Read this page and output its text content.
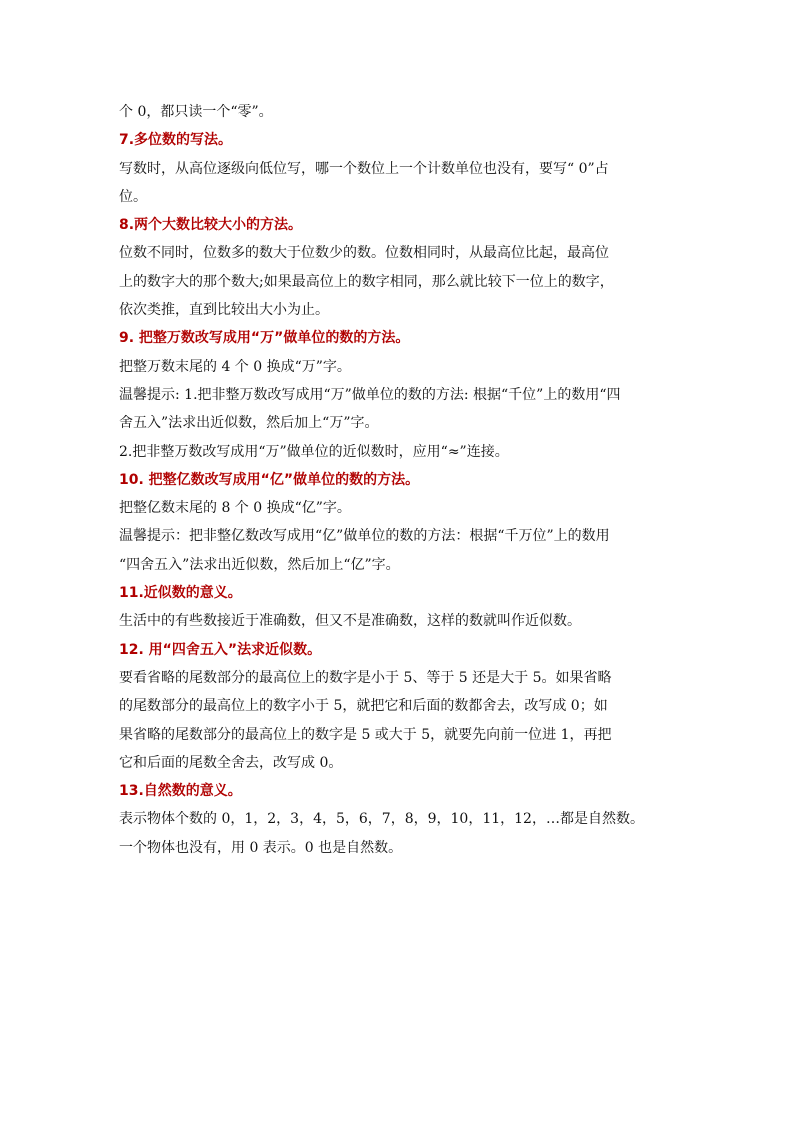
个 0，都只读一个“零”。
7.多位数的写法。
写数时，从高位逐级向低位写，哪一个数位上一个计数单位也没有，要写“ 0”占
位。
8.两个大数比较大小的方法。
位数不同时，位数多的数大于位数少的数。位数相同时，从最高位比起，最高位
上的数字大的那个数大;如果最高位上的数字相同，那么就比较下一位上的数字，
依次类推，直到比较出大小为止。
9. 把整万数改写成用“万”做单位的数的方法。
把整万数末尾的 4 个 0 换成“万”字。
温馨提示: 1.把非整万数改写成用“万”做单位的数的方法: 根据“千位”上的数用“四
舍五入”法求出近似数，然后加上“万”字。
2.把非整万数改写成用“万”做单位的近似数时，应用“≈”连接。
10. 把整亿数改写成用“亿”做单位的数的方法。
把整亿数末尾的 8 个 0 换成“亿”字。
温馨提示：把非整亿数改写成用“亿”做单位的数的方法：根据“千万位”上的数用
“四舍五入”法求出近似数，然后加上“亿”字。
11.近似数的意义。
生活中的有些数接近于准确数，但又不是准确数，这样的数就叫作近似数。
12. 用“四舍五入”法求近似数。
要看省略的尾数部分的最高位上的数字是小于 5、等于 5 还是大于 5。如果省略
的尾数部分的最高位上的数字小于 5，就把它和后面的数都舍去，改写成 0；如
果省略的尾数部分的最高位上的数字是 5 或大于 5，就要先向前一位进 1，再把
它和后面的尾数全舍去，改写成 0。
13.自然数的意义。
表示物体个数的 0，1，2，3，4，5，6，7，8，9，10，11，12，…都是自然数。
一个物体也没有，用 0 表示。0 也是自然数。
